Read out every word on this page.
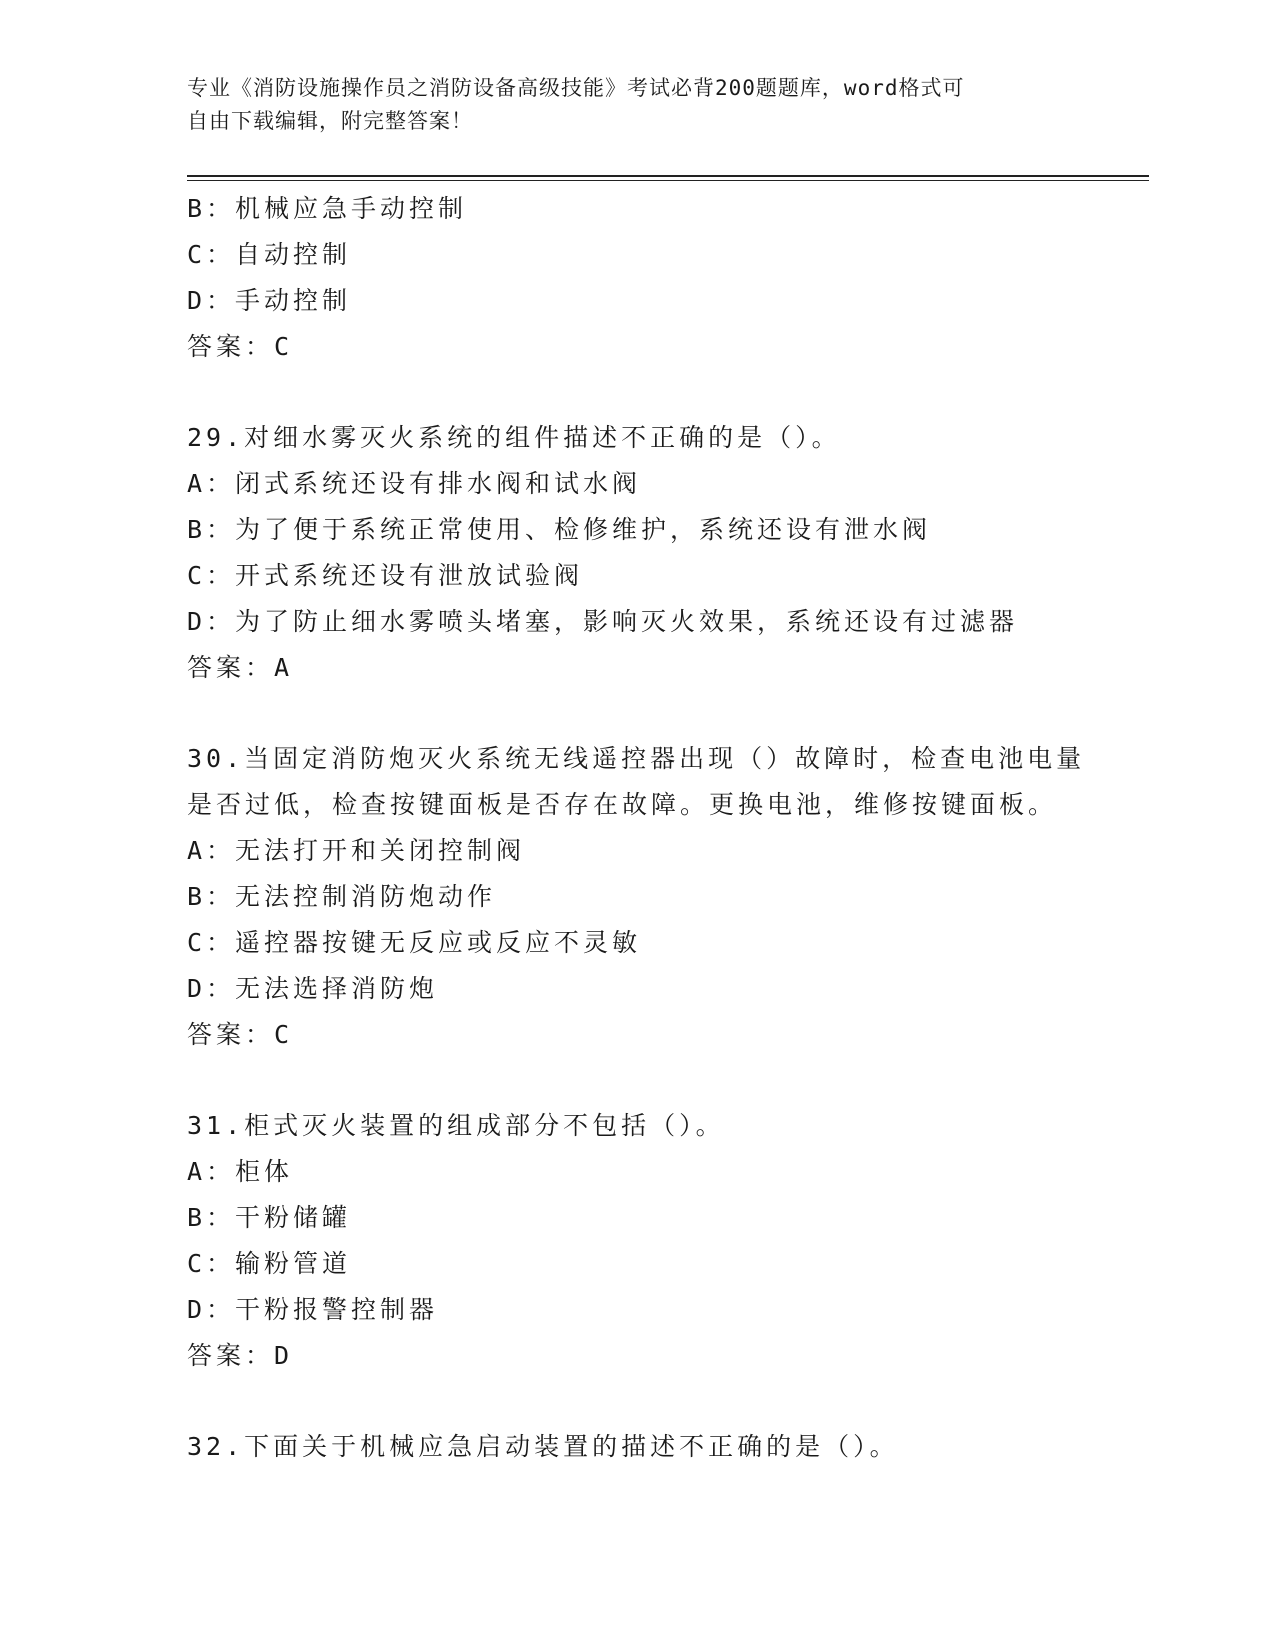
专业《消防设施操作员之消防设备高级技能》考试必背200题题库，word格式可
自由下载编辑，附完整答案！
B：机械应急手动控制
C：自动控制
D：手动控制
答案：C
29.对细水雾灭火系统的组件描述不正确的是（）。
A：闭式系统还设有排水阀和试水阀
B：为了便于系统正常使用、检修维护，系统还设有泄水阀
C：开式系统还设有泄放试验阀
D：为了防止细水雾喷头堵塞，影响灭火效果，系统还设有过滤器
答案：A
30.当固定消防炮灭火系统无线遥控器出现（）故障时，检查电池电量
是否过低，检查按键面板是否存在故障。更换电池，维修按键面板。
A：无法打开和关闭控制阀
B：无法控制消防炮动作
C：遥控器按键无反应或反应不灵敏
D：无法选择消防炮
答案：C
31.柜式灭火装置的组成部分不包括（）。
A：柜体
B：干粉储罐
C：输粉管道
D：干粉报警控制器
答案：D
32.下面关于机械应急启动装置的描述不正确的是（）。
